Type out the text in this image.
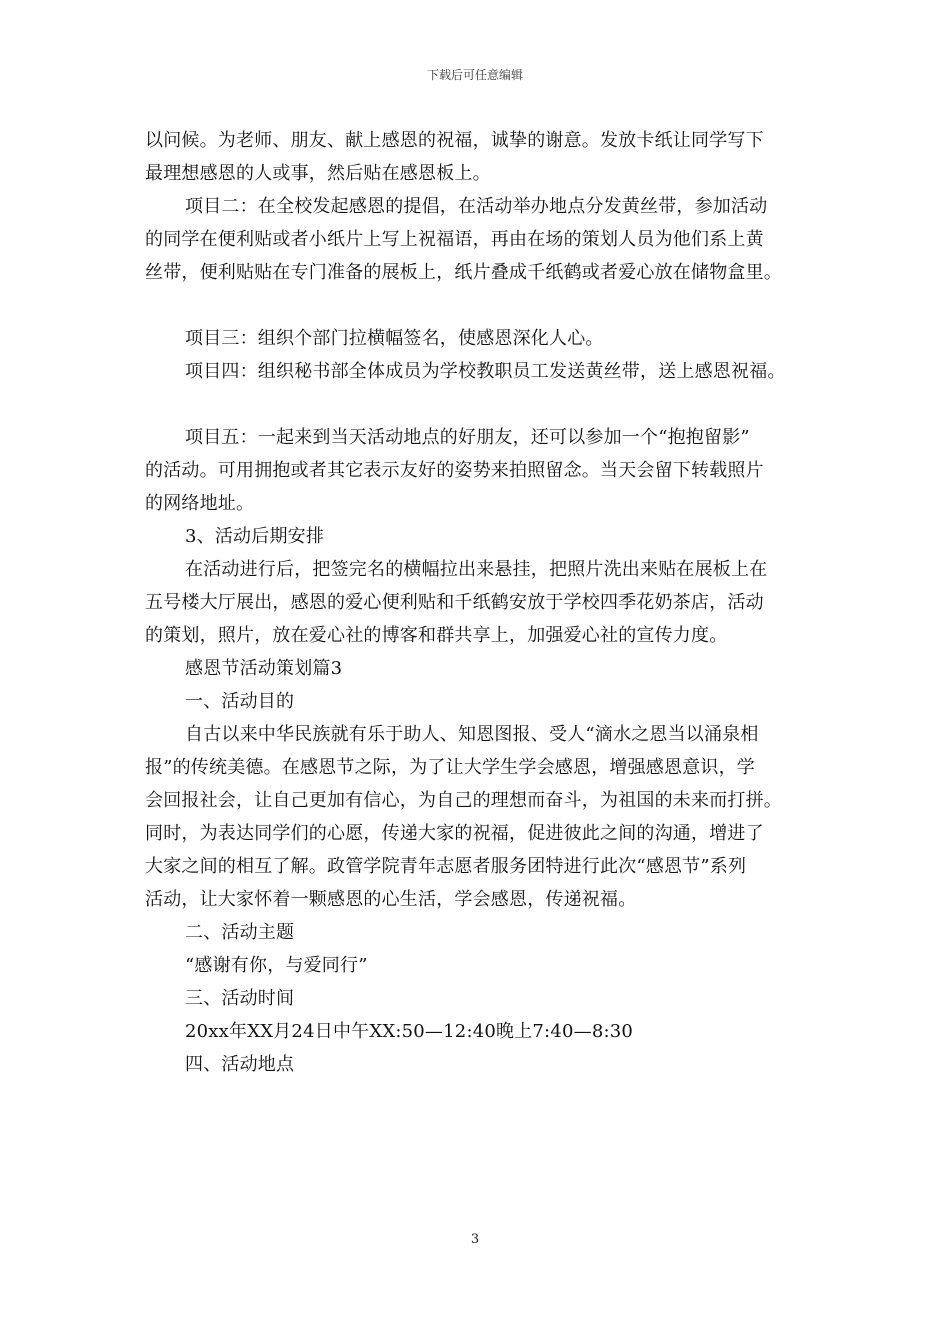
下载后可任意编辑
以问候。为老师、朋友、献上感恩的祝福，诚挚的谢意。发放卡纸让同学写下
最理想感恩的人或事，然后贴在感恩板上。
项目二：在全校发起感恩的提倡，在活动举办地点分发黄丝带，参加活动
的同学在便利贴或者小纸片上写上祝福语，再由在场的策划人员为他们系上黄
丝带，便利贴贴在专门准备的展板上，纸片叠成千纸鹤或者爱心放在储物盒里。
项目三：组织个部门拉横幅签名，使感恩深化人心。
项目四：组织秘书部全体成员为学校教职员工发送黄丝带，送上感恩祝福。
项目五：一起来到当天活动地点的好朋友，还可以参加一个“抱抱留影”
的活动。可用拥抱或者其它表示友好的姿势来拍照留念。当天会留下转载照片
的网络地址。
3、活动后期安排
在活动进行后，把签完名的横幅拉出来悬挂，把照片洗出来贴在展板上在
五号楼大厅展出，感恩的爱心便利贴和千纸鹤安放于学校四季花奶茶店，活动
的策划，照片，放在爱心社的博客和群共享上，加强爱心社的宣传力度。
感恩节活动策划篇3
一、活动目的
自古以来中华民族就有乐于助人、知恩图报、受人“滴水之恩当以涌泉相
报”的传统美德。在感恩节之际，为了让大学生学会感恩，增强感恩意识，学
会回报社会，让自己更加有信心，为自己的理想而奋斗，为祖国的未来而打拼。
同时，为表达同学们的心愿，传递大家的祝福，促进彼此之间的沟通，增进了
大家之间的相互了解。政管学院青年志愿者服务团特进行此次“感恩节”系列
活动，让大家怀着一颗感恩的心生活，学会感恩，传递祝福。
二、活动主题
“感谢有你，与爱同行”
三、活动时间
20xx年XX月24日中午XX:50—12:40晚上7:40—8:30
四、活动地点
3
